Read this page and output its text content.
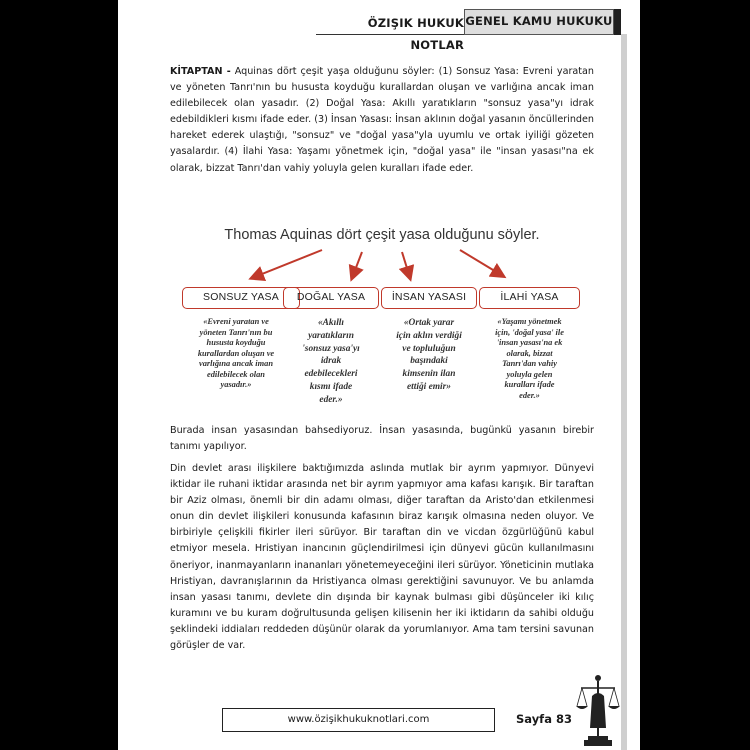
ÖZIŞIK HUKUK NOTLAR
GENEL KAMU HUKUKU
KİTAPTAN - Aquinas dört çeşit yaşa olduğunu söyler: (1) Sonsuz Yasa: Evreni yaratan ve yöneten Tanrı'nın bu hususta koyduğu kurallardan oluşan ve varlığına ancak iman edilebilecek olan yasadır. (2) Doğal Yasa: Akıllı yaratıkların "sonsuz yasa"yı idrak edebildikleri kısmı ifade eder. (3) İnsan Yasası: İnsan aklının doğal yasanın öncüllerinden hareket ederek ulaştığı, "sonsuz" ve "doğal yasa"yla uyumlu ve ortak iyiliği gözeten yasalardır. (4) İlahi Yasa: Yaşamı yönetmek için, "doğal yasa" ile "insan yasası"na ek olarak, bizzat Tanrı'dan vahiy yoluyla gelen kuralları ifade eder.
Thomas Aquinas dört çeşit yasa olduğunu söyler.
SONSUZ YASA	DOĞAL YASA	İNSAN YASASI	İLAHİ YASA
«Evreni yaratan ve
yöneten Tanrı'nın bu
hususta koyduğu
kurallardan oluşan ve
varlığına ancak iman
edilebilecek olan
yasadır.»
«Akıllı
yaratıkların
'sonsuz yasa'yı
idrak
edebilecekleri
kısmı ifade
eder.»
«Ortak yarar
için aklın verdiği
ve topluluğun
başındaki
kimsenin ilan
ettiği emir»
«Yaşamı yönetmek
için, 'doğal yasa' ile
'insan yasası'na ek
olarak, bizzat
Tanrı'dan vahiy
yoluyla gelen
kuralları ifade
eder.»
Burada insan yasasından bahsediyoruz. İnsan yasasında, bugünkü yasanın birebir tanımı yapılıyor.
Din devlet arası ilişkilere baktığımızda aslında mutlak bir ayrım yapmıyor. Dünyevi iktidar ile ruhani iktidar arasında net bir ayrım yapmıyor ama kafası karışık. Bir taraftan bir Aziz olması, önemli bir din adamı olması, diğer taraftan da Aristo'dan etkilenmesi onun din devlet ilişkileri konusunda kafasının biraz karışık olmasına neden oluyor. Ve birbiriyle çelişkili fikirler ileri sürüyor. Bir taraftan din ve vicdan özgürlüğünü kabul etmiyor mesela. Hristiyan inancının güçlendirilmesi için dünyevi gücün kullanılmasını öneriyor, inanmayanların inananları yönetemeyeceğini ileri sürüyor. Yöneticinin mutlaka Hristiyan, davranışlarının da Hristiyanca olması gerektiğini savunuyor. Ve bu anlamda insan yasası tanımı, devlete din dışında bir kaynak bulması gibi düşünceler iki kılıç kuramını ve bu kuram doğrultusunda gelişen kilisenin her iki iktidarın da sahibi olduğu şeklindeki iddiaları reddeden düşünür olarak da yorumlanıyor. Ama tam tersini savunan görüşler de var.
www.özişikhukuknotlari.com	Sayfa 83
